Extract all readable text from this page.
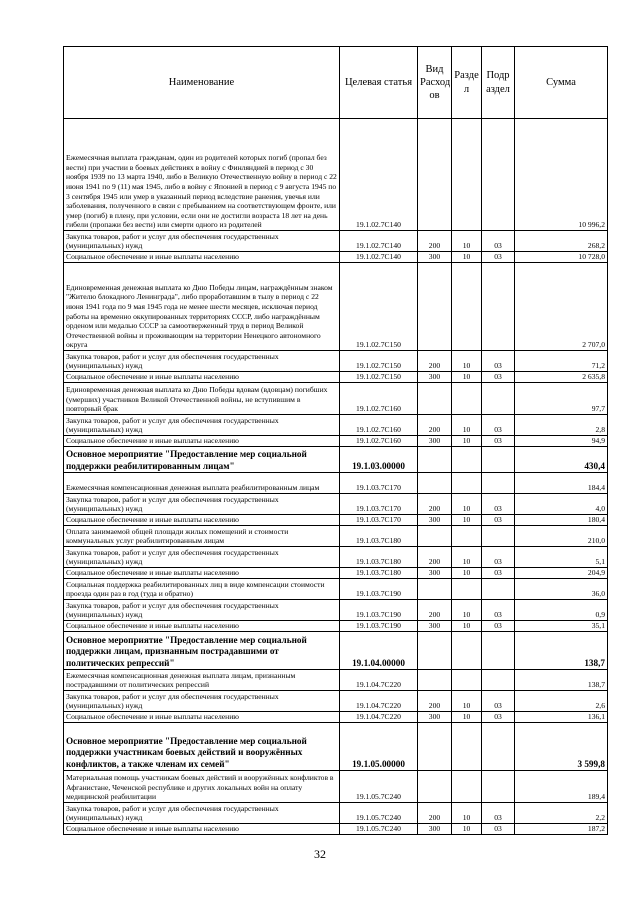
Наименование	Целевая статья	Вид Расход ов	Разде л	Подр аздел	Сумма
Ежемесячная выплата гражданам, один из родителей которых погиб (пропал без вести) при участии в боевых действиях в войну с Финляндией в период с 30 ноября 1939 по 13 марта 1940, либо в Великую Отечественную войну в период с 22 июня 1941 по 9 (11) мая 1945, либо в войну с Японией в период с 9 августа 1945 по 3 сентября 1945 или умер в указанный период вследствие ранения, увечья или заболевания, полученного в связи с пребыванием на соответствующем фронте, или умер (погиб) в плену, при условии, если они не достигли возраста 18 лет на день гибели (пропажи без вести) или смерти одного из родителей	19.1.02.7С140				10 996,2
Закупка товаров, работ и услуг для обеспечения государственных (муниципальных) нужд	19.1.02.7С140	200	10	03	268,2
Социальное обеспечение и иные выплаты населению	19.1.02.7С140	300	10	03	10 728,0
Единовременная денежная выплата ко Дню Победы лицам, награждённым знаком "Жителю блокадного Ленинграда", либо проработавшим в тылу в период с 22 июня 1941 года по 9 мая 1945 года не менее шести месяцев, исключая период работы на временно оккупированных территориях СССР, либо награждённым орденом или медалью СССР за самоотверженный труд в период Великой Отечественной войны и проживающим на территории Ненецкого автономного округа	19.1.02.7С150				2 707,0
Закупка товаров, работ и услуг для обеспечения государственных (муниципальных) нужд	19.1.02.7С150	200	10	03	71,2
Социальное обеспечение и иные выплаты населению	19.1.02.7С150	300	10	03	2 635,8
Единовременная денежная выплата ко Дню Победы вдовам (вдовцам) погибших (умерших) участников Великой Отечественной войны, не вступившим в повторный брак	19.1.02.7С160				97,7
Закупка товаров, работ и услуг для обеспечения государственных (муниципальных) нужд	19.1.02.7С160	200	10	03	2,8
Социальное обеспечение и иные выплаты населению	19.1.02.7С160	300	10	03	94,9
Основное мероприятие "Предоставление мер социальной поддержки реабилитированным лицам"	19.1.03.00000				430,4
Ежемесячная компенсационная денежная выплата реабилитированным лицам	19.1.03.7С170				184,4
Закупка товаров, работ и услуг для обеспечения государственных (муниципальных) нужд	19.1.03.7С170	200	10	03	4,0
Социальное обеспечение и иные выплаты населению	19.1.03.7С170	300	10	03	180,4
Оплата занимаемой общей площади жилых помещений и стоимости коммунальных услуг реабилитированным лицам	19.1.03.7С180				210,0
Закупка товаров, работ и услуг для обеспечения государственных (муниципальных) нужд	19.1.03.7С180	200	10	03	5,1
Социальное обеспечение и иные выплаты населению	19.1.03.7С180	300	10	03	204,9
Социальная поддержка реабилитированных лиц в виде компенсации стоимости проезда один раз в год (туда и обратно)	19.1.03.7С190				36,0
Закупка товаров, работ и услуг для обеспечения государственных (муниципальных) нужд	19.1.03.7С190	200	10	03	0,9
Социальное обеспечение и иные выплаты населению	19.1.03.7С190	300	10	03	35,1
Основное мероприятие "Предоставление мер социальной поддержки лицам, признанным пострадавшими от политических репрессий"	19.1.04.00000				138,7
Ежемесячная компенсационная денежная выплата лицам, признанным пострадавшими от политических репрессий	19.1.04.7С220				138,7
Закупка товаров, работ и услуг для обеспечения государственных (муниципальных) нужд	19.1.04.7С220	200	10	03	2,6
Социальное обеспечение и иные выплаты населению	19.1.04.7С220	300	10	03	136,1
Основное мероприятие "Предоставление мер социальной поддержки участникам боевых действий и вооружённых конфликтов, а также членам их семей"	19.1.05.00000				3 599,8
Материальная помощь участникам боевых действий и вооружённых конфликтов в Афганистане, Чеченской республике и других локальных войн на оплату медицинской реабилитации	19.1.05.7С240				189,4
Закупка товаров, работ и услуг для обеспечения государственных (муниципальных) нужд	19.1.05.7С240	200	10	03	2,2
Социальное обеспечение и иные выплаты населению	19.1.05.7С240	300	10	03	187,2
32
